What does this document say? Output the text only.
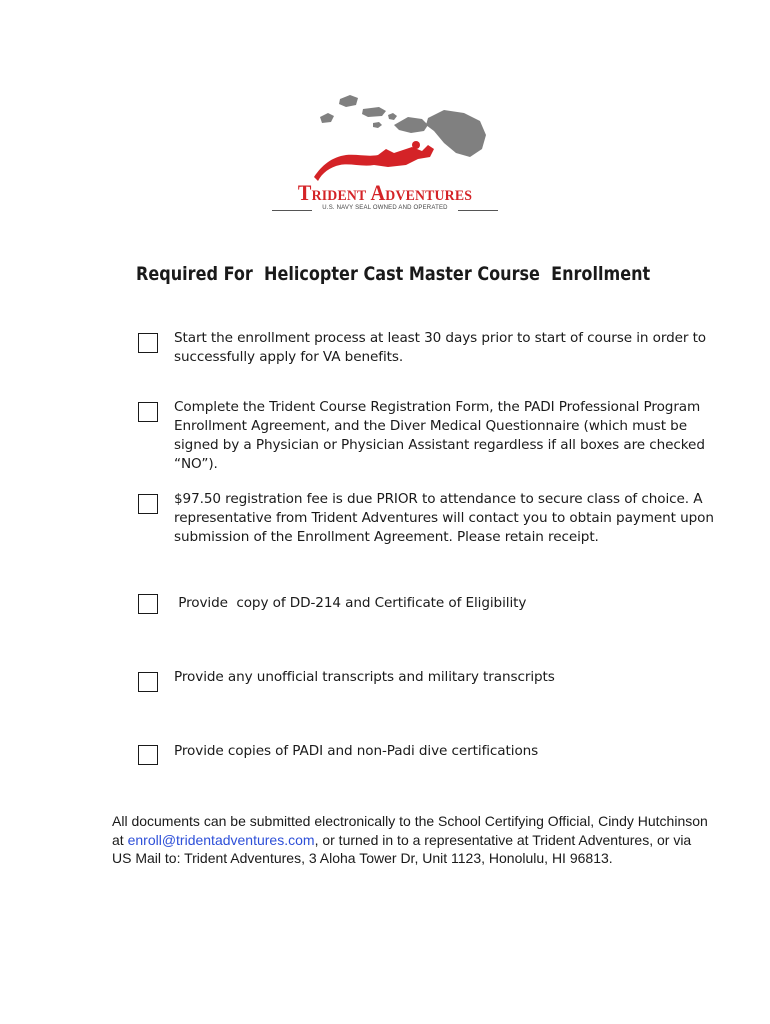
Trident Adventures
U.S. NAVY SEAL OWNED AND OPERATED
Required For  Helicopter Cast Master Course  Enrollment
Start the enrollment process at least 30 days prior to start of course in order to successfully apply for VA benefits.
Complete the Trident Course Registration Form, the PADI Professional Program Enrollment Agreement, and the Diver Medical Questionnaire (which must be signed by a Physician or Physician Assistant regardless if all boxes are checked “NO”).
$97.50 registration fee is due PRIOR to attendance to secure class of choice. A representative from Trident Adventures will contact you to obtain payment upon submission of the Enrollment Agreement. Please retain receipt.
Provide  copy of DD-214 and Certificate of Eligibility
Provide any unofficial transcripts and military transcripts
Provide copies of PADI and non-Padi dive certifications
All documents can be submitted electronically to the School Certifying Official, Cindy Hutchinson at enroll@tridentadventures.com, or turned in to a representative at Trident Adventures, or via US Mail to: Trident Adventures, 3 Aloha Tower Dr, Unit 1123, Honolulu, HI 96813.
